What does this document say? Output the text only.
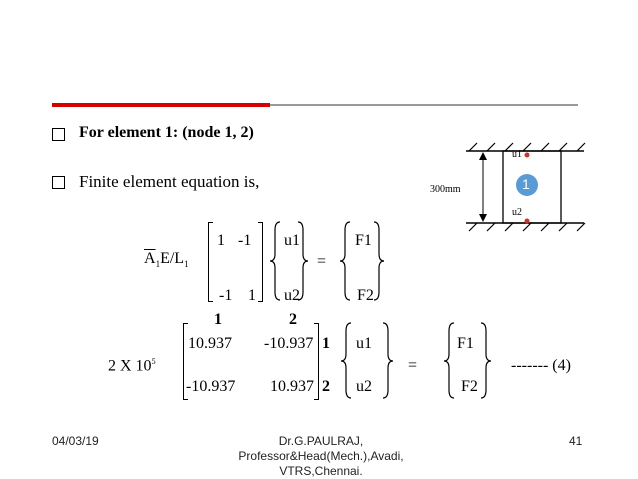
For element 1: (node 1, 2)
Finite element equation is,
$\overline{A}_1E/L_1$
1 -1
-1 1
u1
u2
=
F1
F2
1	2
2 X $10^5$
10.937 -10.937
-10.937 10.937
1
2
u1
u2
=
F1
F2
------- (4)
300mm
u1
u2
1
04/03/19	Dr.G.PAULRAJ, Professor&Head(Mech.),Avadi, VTRS,Chennai.
41
